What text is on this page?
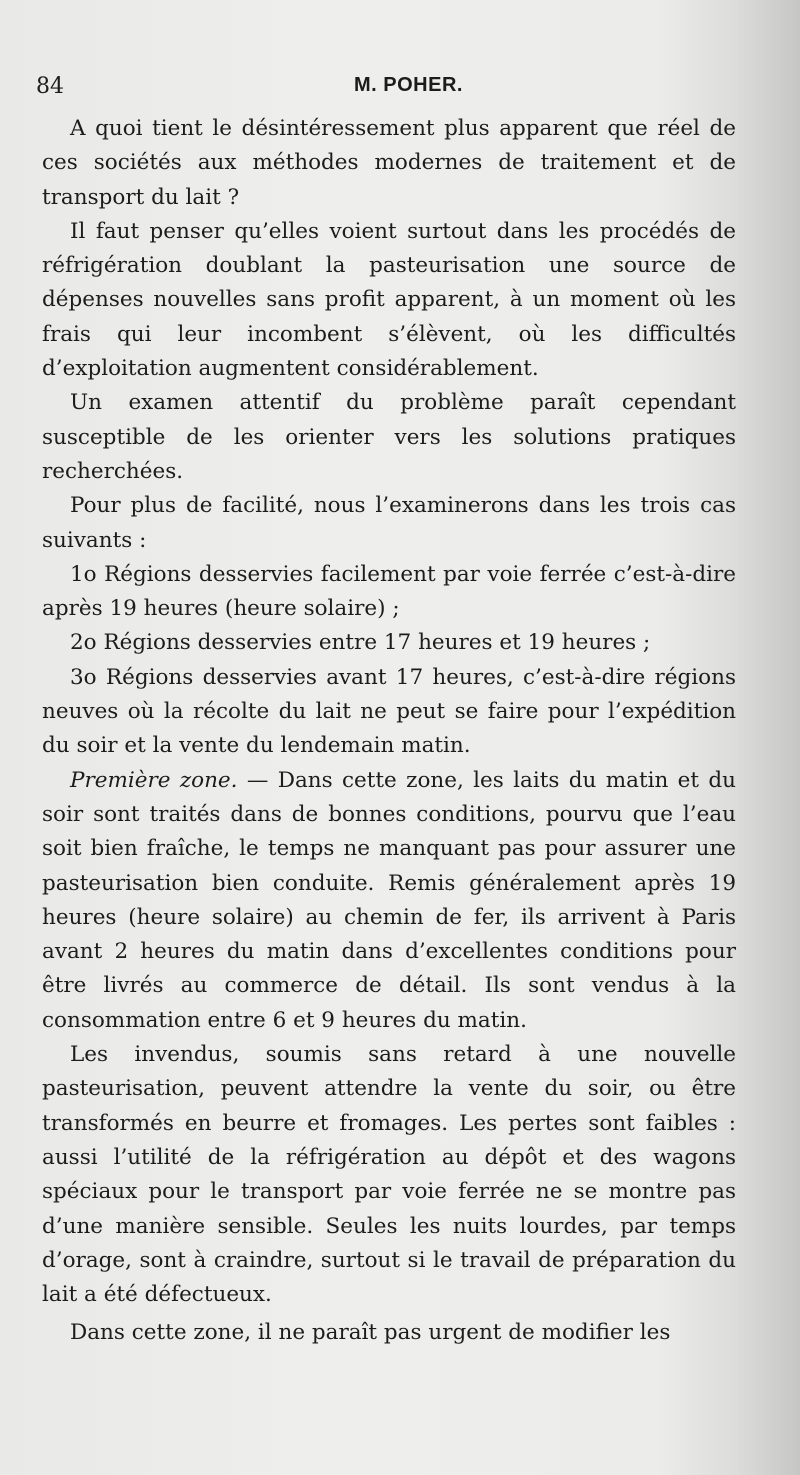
84	M. POHER.

A quoi tient le désintéressement plus apparent que réel de ces sociétés aux méthodes modernes de traitement et de transport du lait ?

Il faut penser qu’elles voient surtout dans les procédés de réfrigération doublant la pasteurisation une source de dépenses nouvelles sans profit apparent, à un moment où les frais qui leur incombent s’élèvent, où les difficultés d’exploitation augmentent considérablement.

Un examen attentif du problème paraît cependant susceptible de les orienter vers les solutions pratiques recherchées.

Pour plus de facilité, nous l’examinerons dans les trois cas suivants :

1o Régions desservies facilement par voie ferrée c’est-à-dire après 19 heures (heure solaire) ;

2o Régions desservies entre 17 heures et 19 heures ;

3o Régions desservies avant 17 heures, c’est-à-dire régions neuves où la récolte du lait ne peut se faire pour l’expédition du soir et la vente du lendemain matin.

Première zone. — Dans cette zone, les laits du matin et du soir sont traités dans de bonnes conditions, pourvu que l’eau soit bien fraîche, le temps ne manquant pas pour assurer une pasteurisation bien conduite. Remis généralement après 19 heures (heure solaire) au chemin de fer, ils arrivent à Paris avant 2 heures du matin dans d’excellentes conditions pour être livrés au commerce de détail. Ils sont vendus à la consommation entre 6 et 9 heures du matin.

Les invendus, soumis sans retard à une nouvelle pasteurisation, peuvent attendre la vente du soir, ou être transformés en beurre et fromages. Les pertes sont faibles : aussi l’utilité de la réfrigération au dépôt et des wagons spéciaux pour le transport par voie ferrée ne se montre pas d’une manière sensible. Seules les nuits lourdes, par temps d’orage, sont à craindre, surtout si le travail de préparation du lait a été défectueux.

Dans cette zone, il ne paraît pas urgent de modifier les
